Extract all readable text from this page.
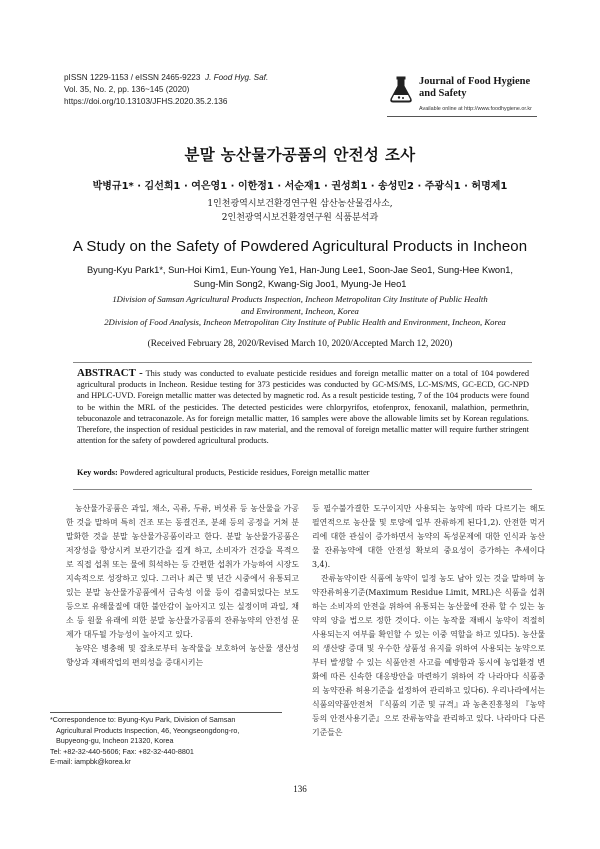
pISSN 1229-1153 / eISSN 2465-9223 J. Food Hyg. Saf.
Vol. 35, No. 2, pp. 136~145 (2020)
https://doi.org/10.13103/JFHS.2020.35.2.136
Journal of Food Hygiene
and Safety
Available online at http://www.foodhygiene.or.kr
분말 농산물가공품의 안전성 조사
박병규1* · 김선희1 · 여은영1 · 이한정1 · 서순재1 · 권성희1 · 송성민2 · 주광식1 · 허명제1
1인천광역시보건환경연구원 삼산농산물검사소,
2인천광역시보건환경연구원 식품분석과
A Study on the Safety of Powdered Agricultural Products in Incheon
Byung-Kyu Park1*, Sun-Hoi Kim1, Eun-Young Ye1, Han-Jung Lee1, Soon-Jae Seo1, Sung-Hee Kwon1,
Sung-Min Song2, Kwang-Sig Joo1, Myung-Je Heo1
1Division of Samsan Agricultural Products Inspection, Incheon Metropolitan City Institute of Public Health
and Environment, Incheon, Korea
2Division of Food Analysis, Incheon Metropolitan City Institute of Public Health and Environment, Incheon, Korea
(Received February 28, 2020/Revised March 10, 2020/Accepted March 12, 2020)
ABSTRACT - This study was conducted to evaluate pesticide residues and foreign metallic matter on a total of 104 powdered agricultural products in Incheon. Residue testing for 373 pesticides was conducted by GC-MS/MS, LC-MS/MS, GC-ECD, GC-NPD and HPLC-UVD. Foreign metallic matter was detected by magnetic rod. As a result pesticide testing, 7 of the 104 products were found to be within the MRL of the pesticides. The detected pesticides were chlorpyrifos, etofenprox, fenoxanil, malathion, permethrin, tebuconazole and tetraconazole. As for foreign metallic matter, 16 samples were above the allowable limits set by Korean regulations. Therefore, the inspection of residual pesticides in raw material, and the removal of foreign metallic matter will require further stringent attention for the safety of powdered agricultural products.
Key words: Powdered agricultural products, Pesticide residues, Foreign metallic matter

농산물가공품은 과일, 채소, 곡류, 두류, 버섯류 등 농산물을 가공한 것을 말하며 특히 건조 또는 동결건조, 분쇄 등의 공정을 거쳐 분말화한 것을 분말 농산물가공품이라고 한다. 분말 농산물가공품은 저장성을 향상시켜 보관기간을 길게 하고, 소비자가 건강을 목적으로 직접 섭취 또는 물에 희석하는 등 간편한 섭취가 가능하여 시장도 지속적으로 성장하고 있다. 그러나 최근 몇 년간 시중에서 유통되고 있는 분말 농산물가공품에서 금속성 이물 등이 검출되었다는 보도 등으로 유해물질에 대한 불안감이 높아지고 있는 실정이며 과일, 채소 등 원물 유래에 의한 분말 농산물가공품의 잔류농약의 안전성 문제가 대두될 가능성이 높아지고 있다.

농약은 병충해 및 잡초로부터 농작물을 보호하여 농산물 생산성 향상과 재배작업의 편의성을 증대시키는

등 필수불가결한 도구이지만 사용되는 농약에 따라 다르기는 해도 필연적으로 농산물 및 토양에 일부 잔류하게 된다1,2). 안전한 먹거리에 대한 관심이 증가하면서 농약의 독성문제에 대한 인식과 농산물 잔류농약에 대한 안전성 확보의 중요성이 증가하는 추세이다3,4).

잔류농약이란 식품에 농약이 일정 농도 남아 있는 것을 말하며 농약잔류허용기준(Maximum Residue Limit, MRL)은 식품을 섭취하는 소비자의 안전을 위하여 유통되는 농산물에 잔류 할 수 있는 농약의 양을 법으로 정한 것이다. 이는 농작물 재배시 농약이 적절히 사용되는지 여부를 확인할 수 있는 이중 역할을 하고 있다5). 농산물의 생산량 증대 및 우수한 상품성 유지를 위하여 사용되는 농약으로부터 발생할 수 있는 식품안전 사고를 예방함과 동시에 농업환경 변화에 따른 신속한 대응방안을 마련하기 위하여 각 나라마다 식품중의 농약잔류 허용기준을 설정하여 관리하고 있다6). 우리나라에서는 식품의약품안전처 『식품의 기준 및 규격』과 농촌진흥청의 『농약 등의 안전사용기준』으로 잔류농약을 관리하고 있다. 나라마다 다른 기준들은

*Correspondence to: Byung-Kyu Park, Division of Samsan
Agricultural Products Inspection, 46, Yeongseongdong-ro,
Bupyeong-gu, Incheon 21320, Korea
Tel: +82-32-440-5606; Fax: +82-32-440-8801
E-mail: iampbk@korea.kr
136
